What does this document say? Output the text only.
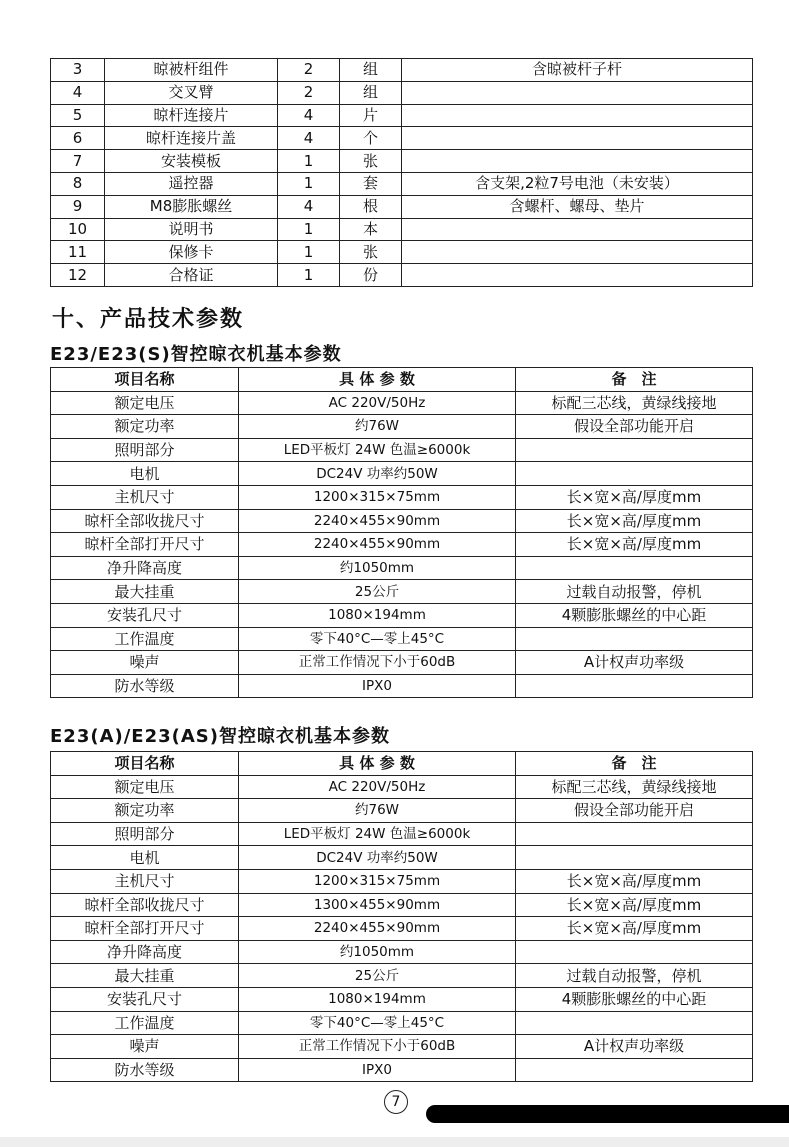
3	晾被杆组件	2	组	含晾被杆子杆
4	交叉臂	2	组	
5	晾杆连接片	4	片	
6	晾杆连接片盖	4	个	
7	安装模板	1	张	
8	遥控器	1	套	含支架,2粒7号电池（未安装）
9	M8膨胀螺丝	4	根	含螺杆、螺母、垫片
10	说明书	1	本	
11	保修卡	1	张	
12	合格证	1	份	
十、产品技术参数
E23/E23(S)智控晾衣机基本参数
项目名称	具 体 参 数	备　注
额定电压	AC 220V/50Hz	标配三芯线，黄绿线接地
额定功率	约76W	假设全部功能开启
照明部分	LED平板灯 24W 色温≥6000k	
电机	DC24V 功率约50W	
主机尺寸	1200×315×75mm	长×宽×高/厚度mm
晾杆全部收拢尺寸	2240×455×90mm	长×宽×高/厚度mm
晾杆全部打开尺寸	2240×455×90mm	长×宽×高/厚度mm
净升降高度	约1050mm	
最大挂重	25公斤	过载自动报警，停机
安装孔尺寸	1080×194mm	4颗膨胀螺丝的中心距
工作温度	零下40°C—零上45°C	
噪声	正常工作情况下小于60dB	A计权声功率级
防水等级	IPX0	
E23(A)/E23(AS)智控晾衣机基本参数
项目名称	具 体 参 数	备　注
额定电压	AC 220V/50Hz	标配三芯线，黄绿线接地
额定功率	约76W	假设全部功能开启
照明部分	LED平板灯 24W 色温≥6000k	
电机	DC24V 功率约50W	
主机尺寸	1200×315×75mm	长×宽×高/厚度mm
晾杆全部收拢尺寸	1300×455×90mm	长×宽×高/厚度mm
晾杆全部打开尺寸	2240×455×90mm	长×宽×高/厚度mm
净升降高度	约1050mm	
最大挂重	25公斤	过载自动报警，停机
安装孔尺寸	1080×194mm	4颗膨胀螺丝的中心距
工作温度	零下40°C—零上45°C	
噪声	正常工作情况下小于60dB	A计权声功率级
防水等级	IPX0	
7
